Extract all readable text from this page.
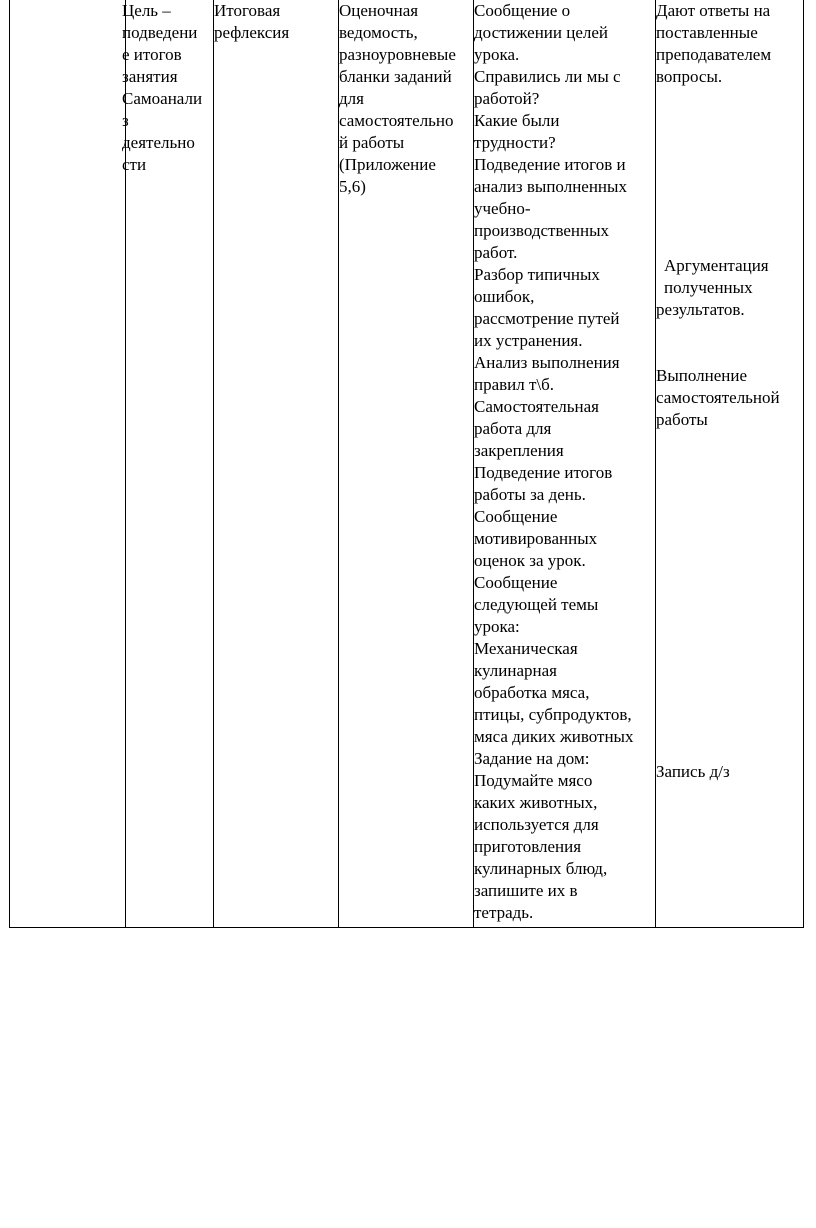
Цель –
подведени
е итогов
занятия
Самоанали
з
деятельно
сти

Итоговая
рефлексия

Оценочная
ведомость,
разноуровневые
бланки заданий
для
самостоятельно
й работы
(Приложение
5,6)

Сообщение о
достижении целей
урока.
Справились ли мы с
работой?
Какие были
трудности?
Подведение итогов и
анализ выполненных
учебно-
производственных
работ.
Разбор типичных
ошибок,
рассмотрение путей
их устранения.
Анализ выполнения
правил т\б.
Самостоятельная
работа для
закрепления
Подведение итогов
работы за день.
Сообщение
мотивированных
оценок за урок.
Сообщение
следующей темы
урока:
Механическая
кулинарная
обработка мяса,
птицы, субпродуктов,
мяса диких животных
Задание на дом:
Подумайте мясо
каких животных,
используется для
приготовления
кулинарных блюд,
запишите их в
тетрадь.

Дают ответы на
поставленные
преподавателем
вопросы.
Аргументация
полученных
результатов.
Выполнение
самостоятельной
работы
Запись д/з
